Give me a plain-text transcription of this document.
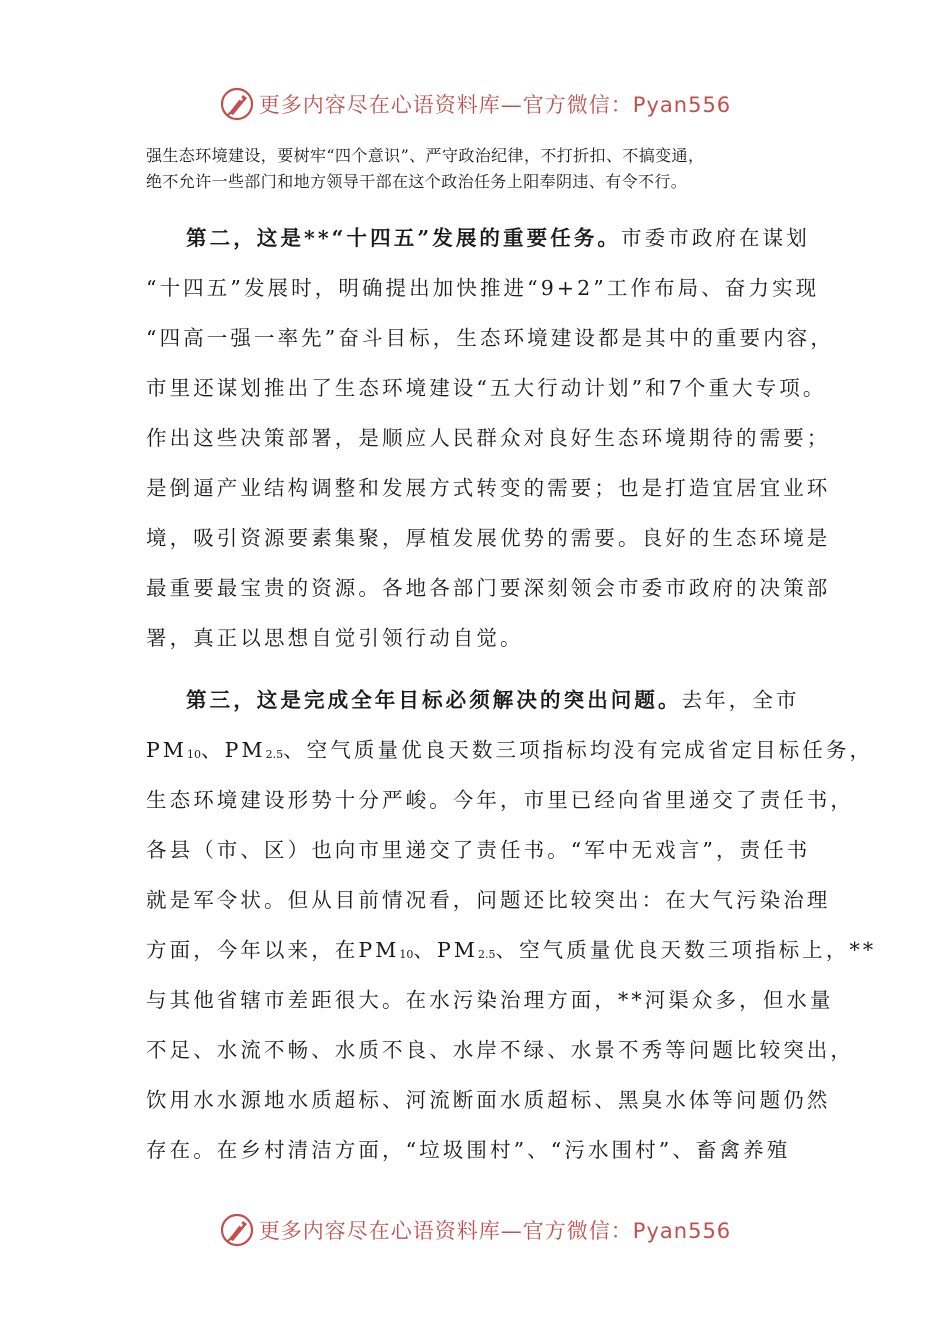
更多内容尽在心语资料库—官方微信：Pyan556
强生态环境建设，要树牢“四个意识”、严守政治纪律，不打折扣、不搞变通，
绝不允许一些部门和地方领导干部在这个政治任务上阳奉阴违、有令不行。
第二，这是**“十四五”发展的重要任务。市委市政府在谋划
“十四五”发展时，明确提出加快推进“9+2”工作布局、奋力实现
“四高一强一率先”奋斗目标，生态环境建设都是其中的重要内容，
市里还谋划推出了生态环境建设“五大行动计划”和7个重大专项。
作出这些决策部署，是顺应人民群众对良好生态环境期待的需要；
是倒逼产业结构调整和发展方式转变的需要；也是打造宜居宜业环
境，吸引资源要素集聚，厚植发展优势的需要。良好的生态环境是
最重要最宝贵的资源。各地各部门要深刻领会市委市政府的决策部
署，真正以思想自觉引领行动自觉。
第三，这是完成全年目标必须解决的突出问题。去年，全市
$PM_{10}$、$PM_{2.5}$、空气质量优良天数三项指标均没有完成省定目标任务，
生态环境建设形势十分严峻。今年，市里已经向省里递交了责任书，
各县（市、区）也向市里递交了责任书。“军中无戏言”，责任书
就是军令状。但从目前情况看，问题还比较突出：在大气污染治理
方面，今年以来，在$PM_{10}$、$PM_{2.5}$、空气质量优良天数三项指标上，**
与其他省辖市差距很大。在水污染治理方面，**河渠众多，但水量
不足、水流不畅、水质不良、水岸不绿、水景不秀等问题比较突出，
饮用水水源地水质超标、河流断面水质超标、黑臭水体等问题仍然
存在。在乡村清洁方面，“垃圾围村”、“污水围村”、畜禽养殖
更多内容尽在心语资料库—官方微信：Pyan556
